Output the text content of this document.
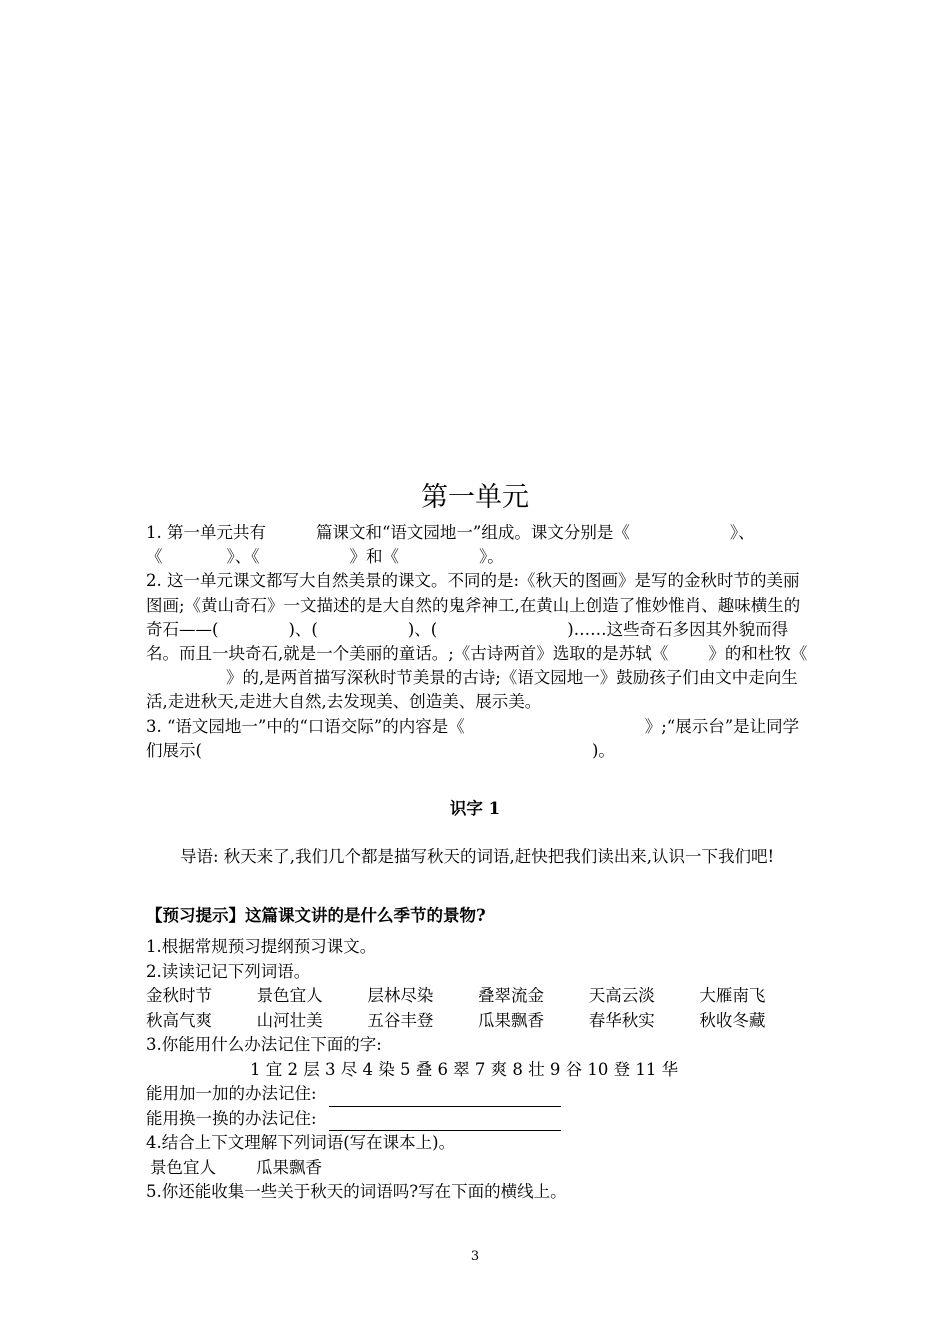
第一单元

1. 第一单元共有	篇课文和“语文园地一”组成。课文分别是《	》、
《	》、《	》和《	》。

2. 这一单元课文都写大自然美景的课文。不同的是:《秋天的图画》是写的金秋时节的美丽图画;《黄山奇石》一文描述的是大自然的鬼斧神工,在黄山上创造了惟妙惟肖、趣味横生的奇石——(	)、(	)、(	)……这些奇石多因其外貌而得名。而且一块奇石,就是一个美丽的童话。;《古诗两首》选取的是苏轼《 》的和杜牧《》的,是两首描写深秋时节美景的古诗;《语文园地一》鼓励孩子们由文中走向生活,走进秋天,走进大自然,去发现美、创造美、展示美。

3. “语文园地一”中的“口语交际”的内容是《	》;“展示台”是让同学们展示(	)。

识字 1

导语: 秋天来了,我们几个都是描写秋天的词语,赶快把我们读出来,认识一下我们吧!

【预习提示】这篇课文讲的是什么季节的景物?

1.根据常规预习提纲预习课文。

2.读读记记下列词语。

金秋时节	景色宜人	层林尽染	叠翠流金	天高云淡	大雁南飞
秋高气爽	山河壮美	五谷丰登	瓜果飘香	春华秋实	秋收冬藏

3.你能用什么办法记住下面的字:

1 宜 2 层 3 尽 4 染 5 叠 6 翠 7 爽 8 壮 9 谷 10 登 11 华

能用加一加的办法记住:

能用换一换的办法记住:

4.结合上下文理解下列词语(写在课本上)。

景色宜人 瓜果飘香

5.你还能收集一些关于秋天的词语吗?写在下面的横线上。

3
